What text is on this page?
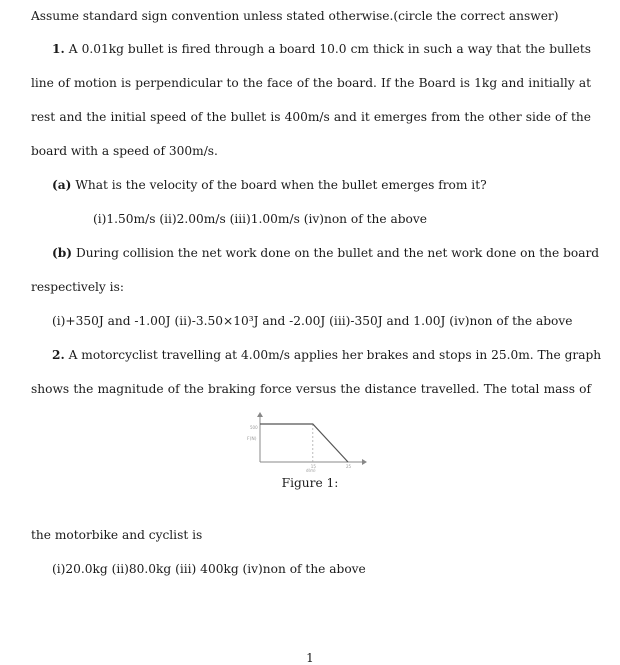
Assume standard sign convention unless stated otherwise.(circle the correct answer)
1. A 0.01kg bullet is fired through a board 10.0 cm thick in such a way that the bullets
line of motion is perpendicular to the face of the board. If the Board is 1kg and initially at
rest and the initial speed of the bullet is 400m/s and it emerges from the other side of the
board with a speed of 300m/s.
(a) What is the velocity of the board when the bullet emerges from it?
(i)1.50m/s (ii)2.00m/s (iii)1.00m/s (iv)non of the above
(b) During collision the net work done on the bullet and the net work done on the board
respectively is:
(i)+350J and -1.00J (ii)-3.50×10³J and -2.00J (iii)-350J and 1.00J (iv)non of the above
2. A motorcyclist travelling at 4.00m/s applies her brakes and stops in 25.0m. The graph
shows the magnitude of the braking force versus the distance travelled. The total mass of
F(N)
500
15	25
d(m)
Figure 1:
the motorbike and cyclist is
(i)20.0kg (ii)80.0kg (iii) 400kg (iv)non of the above
1
